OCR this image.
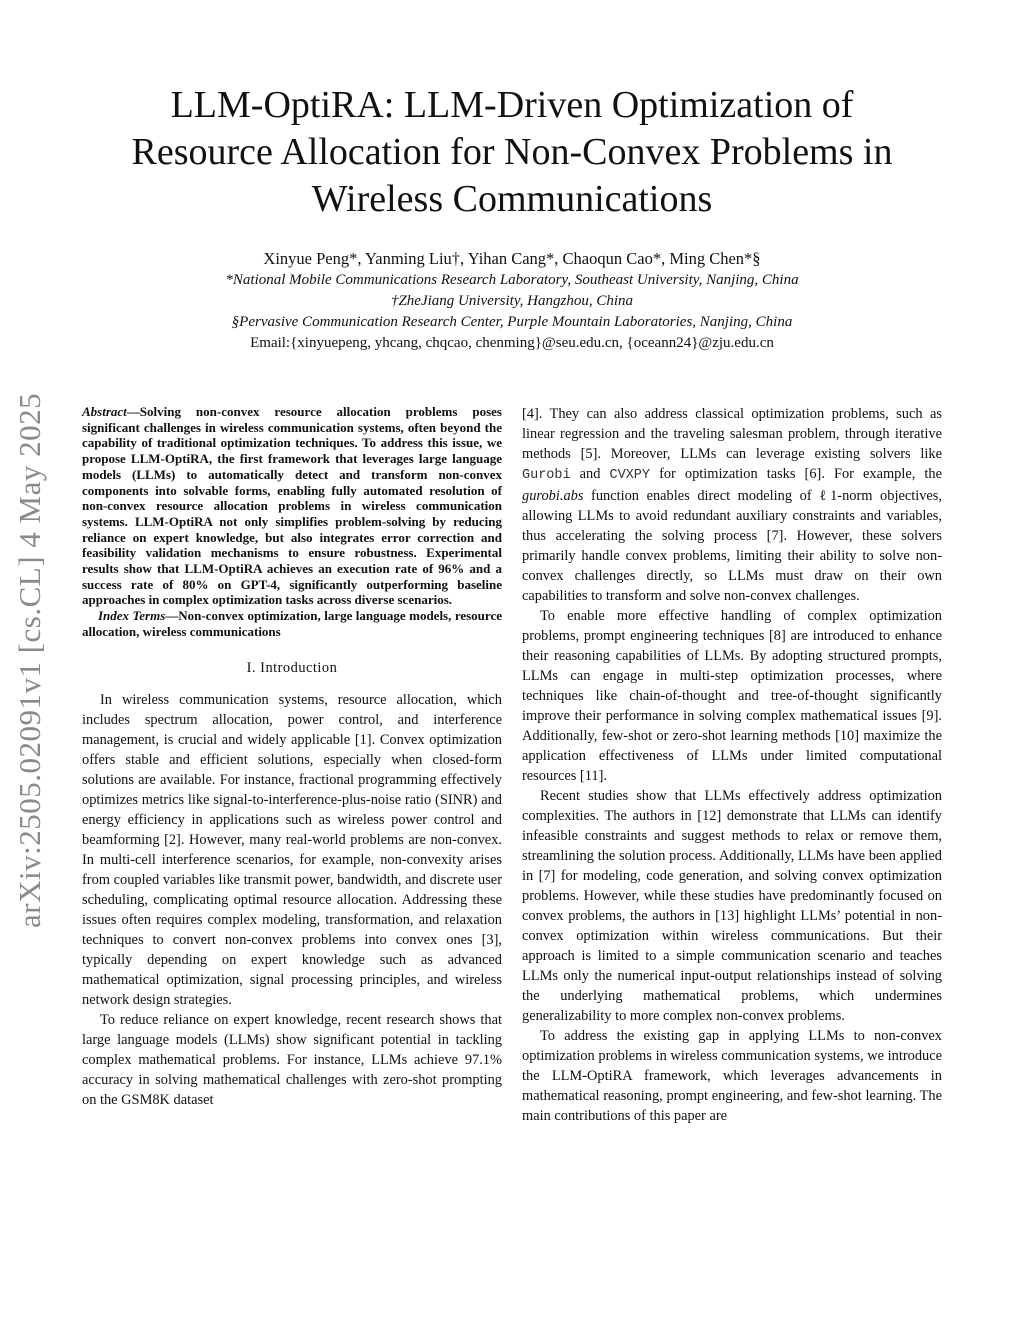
LLM-OptiRA: LLM-Driven Optimization of
Resource Allocation for Non-Convex Problems in
Wireless Communications

Xinyue Peng*, Yanming Liu†, Yihan Cang*, Chaoqun Cao*, Ming Chen*§

*National Mobile Communications Research Laboratory, Southeast University, Nanjing, China

†ZheJiang University, Hangzhou, China

§Pervasive Communication Research Center, Purple Mountain Laboratories, Nanjing, China

Email:{xinyuepeng, yhcang, chqcao, chenming}@seu.edu.cn, {oceann24}@zju.edu.cn

arXiv:2505.02091v1 [cs.CL] 4 May 2025	Abstract—Solving non-convex resource allocation problems poses significant challenges in wireless communication systems, often beyond the capability of traditional optimization techniques. To address this issue, we propose LLM-OptiRA, the first framework that leverages large language models (LLMs) to automatically detect and transform non-convex components into solvable forms, enabling fully automated resolution of non-convex resource allocation problems in wireless communication systems. LLM-OptiRA not only simplifies problem-solving by reducing reliance on expert knowledge, but also integrates error correction and feasibility validation mechanisms to ensure robustness. Experimental results show that LLM-OptiRA achieves an execution rate of 96% and a success rate of 80% on GPT-4, significantly outperforming baseline approaches in complex optimization tasks across diverse scenarios.

Index Terms—Non-convex optimization, large language models, resource allocation, wireless communications

I. Introduction

In wireless communication systems, resource allocation, which includes spectrum allocation, power control, and interference management, is crucial and widely applicable [1]. Convex optimization offers stable and efficient solutions, especially when closed-form solutions are available. For instance, fractional programming effectively optimizes metrics like signal-to-interference-plus-noise ratio (SINR) and energy efficiency in applications such as wireless power control and beamforming [2]. However, many real-world problems are non-convex. In multi-cell interference scenarios, for example, non-convexity arises from coupled variables like transmit power, bandwidth, and discrete user scheduling, complicating optimal resource allocation. Addressing these issues often requires complex modeling, transformation, and relaxation techniques to convert non-convex problems into convex ones [3], typically depending on expert knowledge such as advanced mathematical optimization, signal processing principles, and wireless network design strategies.

To reduce reliance on expert knowledge, recent research shows that large language models (LLMs) show significant potential in tackling complex mathematical problems. For instance, LLMs achieve 97.1% accuracy in solving mathematical challenges with zero-shot prompting on the GSM8K dataset

[4]. They can also address classical optimization problems, such as linear regression and the traveling salesman problem, through iterative methods [5]. Moreover, LLMs can leverage existing solvers like Gurobi and CVXPY for optimization tasks [6]. For example, the gurobi.abs function enables direct modeling of ℓ1-norm objectives, allowing LLMs to avoid redundant auxiliary constraints and variables, thus accelerating the solving process [7]. However, these solvers primarily handle convex problems, limiting their ability to solve non-convex challenges directly, so LLMs must draw on their own capabilities to transform and solve non-convex challenges.

To enable more effective handling of complex optimization problems, prompt engineering techniques [8] are introduced to enhance their reasoning capabilities of LLMs. By adopting structured prompts, LLMs can engage in multi-step optimization processes, where techniques like chain-of-thought and tree-of-thought significantly improve their performance in solving complex mathematical issues [9]. Additionally, few-shot or zero-shot learning methods [10] maximize the application effectiveness of LLMs under limited computational resources [11].

Recent studies show that LLMs effectively address optimization complexities. The authors in [12] demonstrate that LLMs can identify infeasible constraints and suggest methods to relax or remove them, streamlining the solution process. Additionally, LLMs have been applied in [7] for modeling, code generation, and solving convex optimization problems. However, while these studies have predominantly focused on convex problems, the authors in [13] highlight LLMs’ potential in non-convex optimization within wireless communications. But their approach is limited to a simple communication scenario and teaches LLMs only the numerical input-output relationships instead of solving the underlying mathematical problems, which undermines generalizability to more complex non-convex problems.

To address the existing gap in applying LLMs to non-convex optimization problems in wireless communication systems, we introduce the LLM-OptiRA framework, which leverages advancements in mathematical reasoning, prompt engineering, and few-shot learning. The main contributions of this paper are
